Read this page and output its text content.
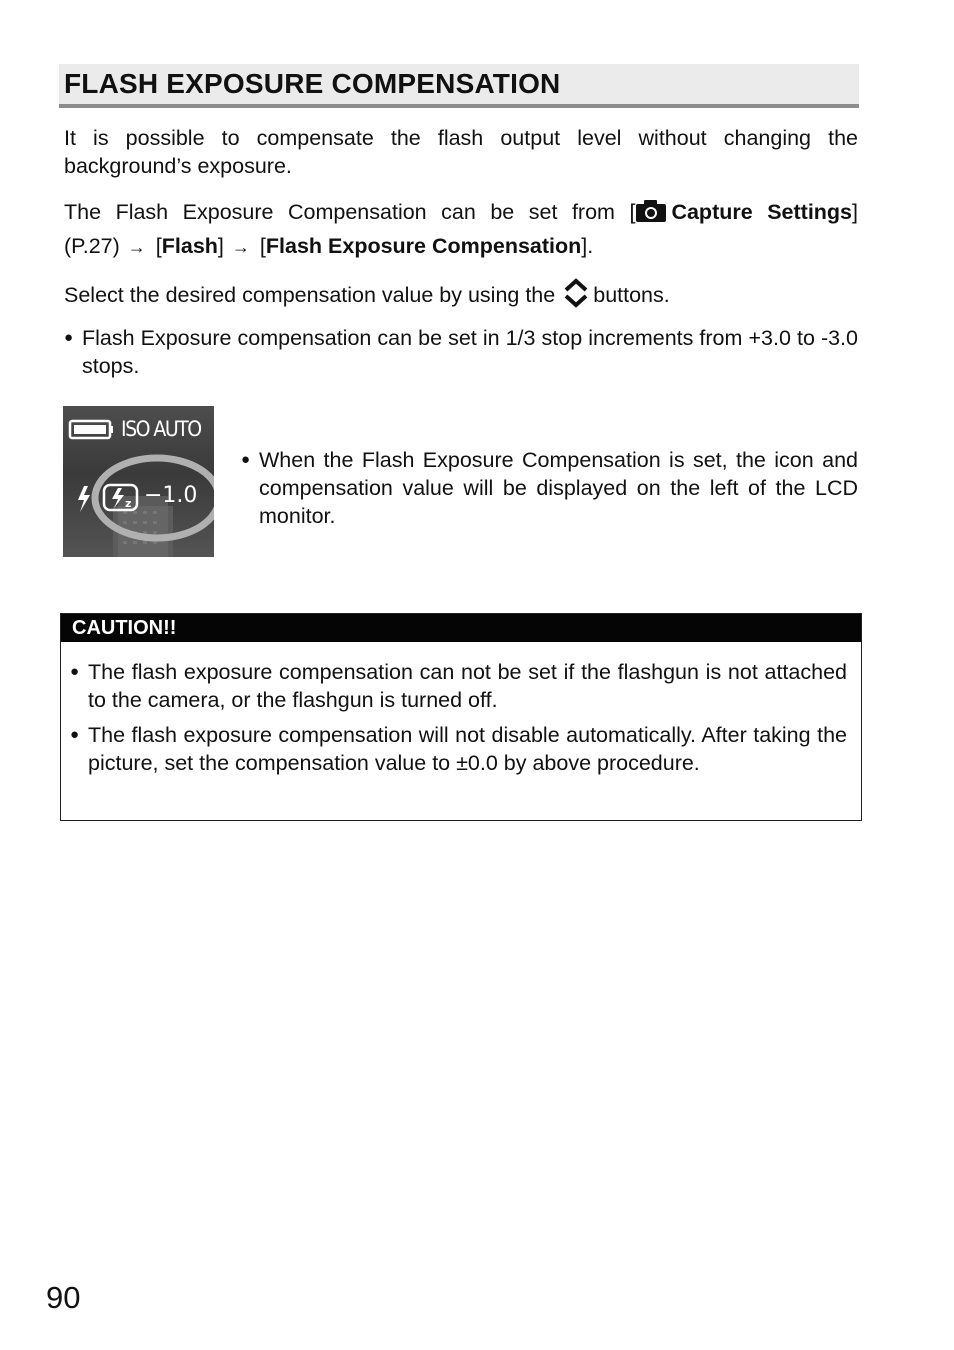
FLASH EXPOSURE COMPENSATION

It is possible to compensate the flash output level without changing the background’s exposure.

The Flash Exposure Compensation can be set from [ Capture Settings]
(P.27) → [Flash] → [Flash Exposure Compensation].
Select the desired compensation value by using the buttons.
● Flash Exposure compensation can be set in 1/3 stop increments from +3.0 to -3.0 stops.
z
ISO AUTO
−1.0
● When the Flash Exposure Compensation is set, the icon and compensation value will be displayed on the left of the LCD monitor.
CAUTION!!
● The flash exposure compensation can not be set if the flashgun is not attached to the camera, or the flashgun is turned off.
● The flash exposure compensation will not disable automatically. After taking the picture, set the compensation value to ±0.0 by above procedure.
90
